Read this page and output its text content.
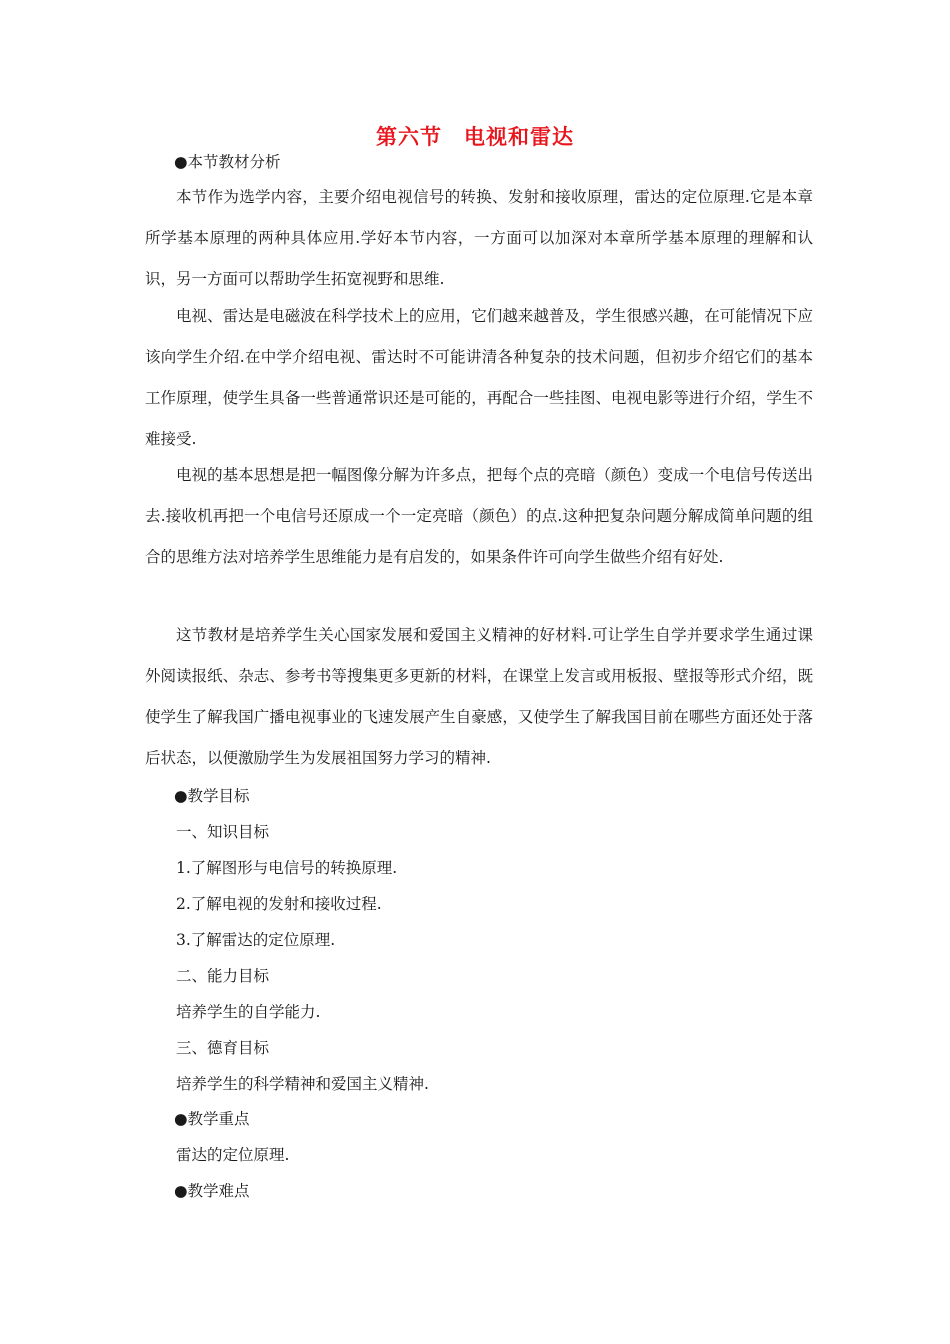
第六节　电视和雷达
●本节教材分析

本节作为选学内容，主要介绍电视信号的转换、发射和接收原理，雷达的定位原理.它是本章所学基本原理的两种具体应用.学好本节内容，一方面可以加深对本章所学基本原理的理解和认识，另一方面可以帮助学生拓宽视野和思维.

电视、雷达是电磁波在科学技术上的应用，它们越来越普及，学生很感兴趣，在可能情况下应该向学生介绍.在中学介绍电视、雷达时不可能讲清各种复杂的技术问题，但初步介绍它们的基本工作原理，使学生具备一些普通常识还是可能的，再配合一些挂图、电视电影等进行介绍，学生不难接受.

电视的基本思想是把一幅图像分解为许多点，把每个点的亮暗（颜色）变成一个电信号传送出去.接收机再把一个电信号还原成一个一定亮暗（颜色）的点.这种把复杂问题分解成简单问题的组合的思维方法对培养学生思维能力是有启发的，如果条件许可向学生做些介绍有好处.

这节教材是培养学生关心国家发展和爱国主义精神的好材料.可让学生自学并要求学生通过课外阅读报纸、杂志、参考书等搜集更多更新的材料，在课堂上发言或用板报、壁报等形式介绍，既使学生了解我国广播电视事业的飞速发展产生自豪感，又使学生了解我国目前在哪些方面还处于落后状态，以便激励学生为发展祖国努力学习的精神.

●教学目标
一、知识目标
1.了解图形与电信号的转换原理.
2.了解电视的发射和接收过程.
3.了解雷达的定位原理.
二、能力目标
培养学生的自学能力.
三、德育目标
培养学生的科学精神和爱国主义精神.
●教学重点
雷达的定位原理.
●教学难点
